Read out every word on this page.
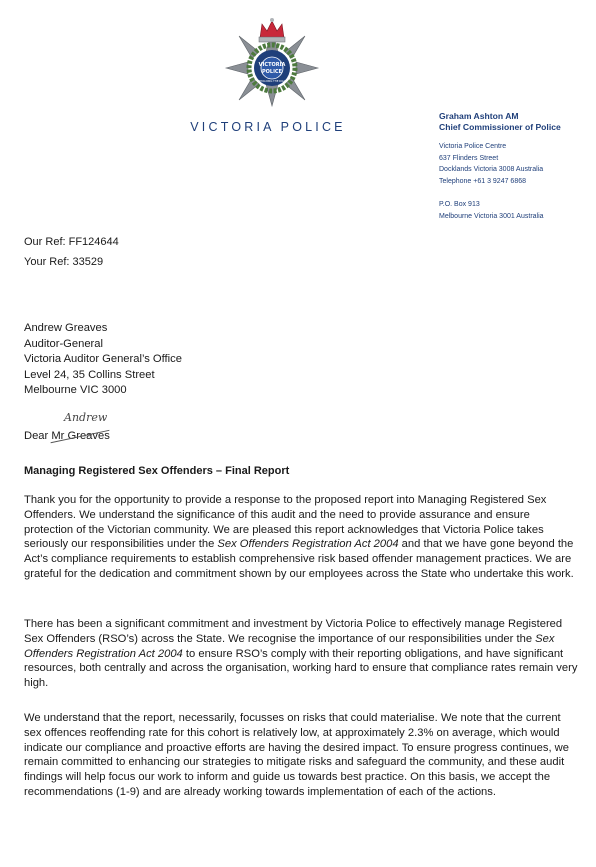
VICTORIA
POLICE
UPHOLDING THE RIGHT
VICTORIA POLICE
Graham Ashton AM
Chief Commissioner of Police
Victoria Police Centre
637 Flinders Street
Docklands Victoria 3008 Australia
Telephone +61 3 9247 6868
P.O. Box 913
Melbourne Victoria 3001 Australia
Our Ref: FF124644
Your Ref: 33529
Andrew Greaves
Auditor-General
Victoria Auditor General’s Office
Level 24, 35 Collins Street
Melbourne VIC 3000
Andrew
Dear Mr Greaves
Managing Registered Sex Offenders – Final Report

Thank you for the opportunity to provide a response to the proposed report into Managing Registered Sex Offenders. We understand the significance of this audit and the need to provide assurance and ensure protection of the Victorian community. We are pleased this report acknowledges that Victoria Police takes seriously our responsibilities under the Sex Offenders Registration Act 2004 and that we have gone beyond the Act’s compliance requirements to establish comprehensive risk based offender management practices. We are grateful for the dedication and commitment shown by our employees across the State who undertake this work.

There has been a significant commitment and investment by Victoria Police to effectively manage Registered Sex Offenders (RSO’s) across the State. We recognise the importance of our responsibilities under the Sex Offenders Registration Act 2004 to ensure RSO’s comply with their reporting obligations, and have significant resources, both centrally and across the organisation, working hard to ensure that compliance rates remain very high.

We understand that the report, necessarily, focusses on risks that could materialise. We note that the current sex offences reoffending rate for this cohort is relatively low, at approximately 2.3% on average, which would indicate our compliance and proactive efforts are having the desired impact. To ensure progress continues, we remain committed to enhancing our strategies to mitigate risks and safeguard the community, and these audit findings will help focus our work to inform and guide us towards best practice. On this basis, we accept the recommendations (1-9) and are already working towards implementation of each of the actions.
